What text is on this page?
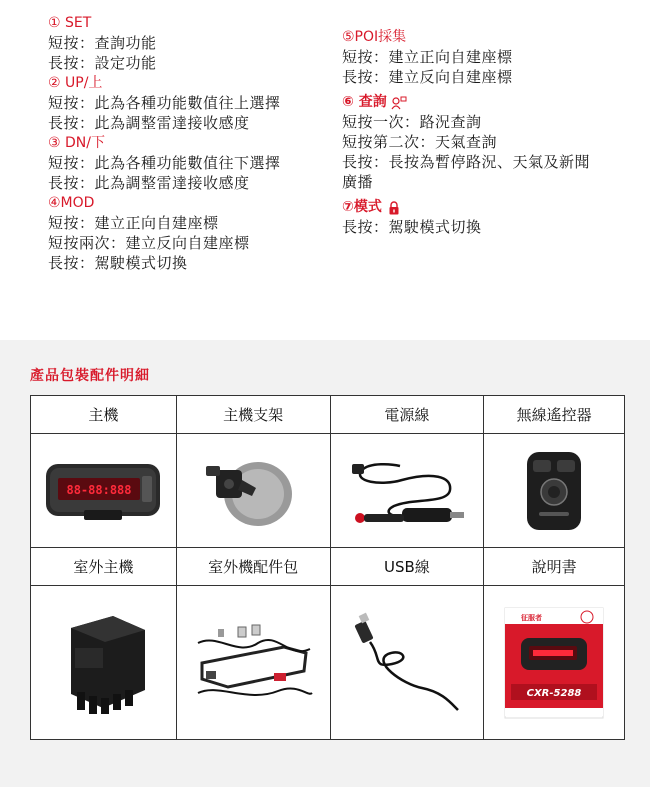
① SET
短按：查詢功能
長按：設定功能
② UP/上
短按：此為各種功能數值往上選擇
長按：此為調整雷達接收感度
③ DN/下
短按：此為各種功能數值往下選擇
長按：此為調整雷達接收感度
④MOD
短按：建立正向自建座標
短按兩次：建立反向自建座標
長按：駕駛模式切換
⑤POI採集
短按：建立正向自建座標
長按：建立反向自建座標
⑥ 查詢
短按一次：路況查詢
短按第二次：天氣查詢
長按：長按為暫停路況、天氣及新聞
廣播
⑦模式
長按：駕駛模式切換
產品包裝配件明細
主機	主機支架	電源線	無線遙控器

88-88:888

室外主機	室外機配件包	USB線	說明書

征服者
CXR-5288
